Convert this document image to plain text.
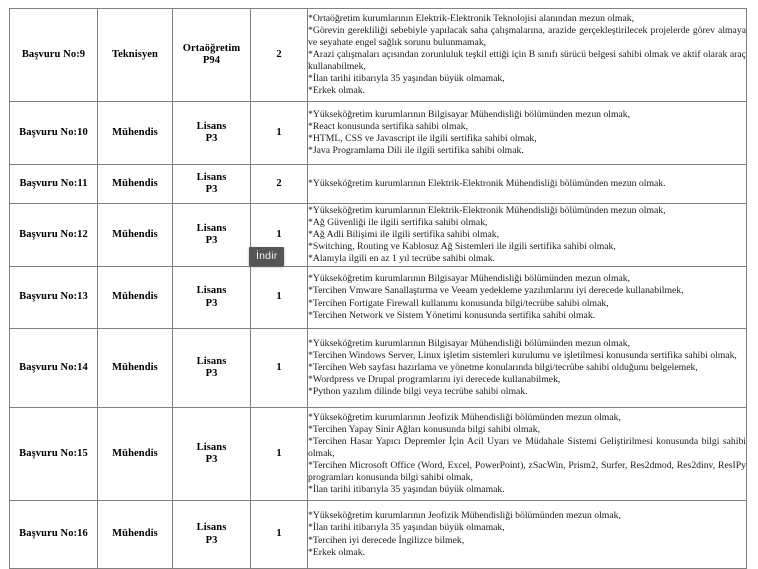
Başvuru No:9	Teknisyen	Ortaöğretim
P94	2	*Ortaöğretim kurumlarının Elektrik-Elektronik Teknolojisi alanından mezun olmak,
*Görevin gerekliliği sebebiyle yapılacak saha çalışmalarına, arazide gerçekleştirilecek projelerde görev almaya ve seyahate engel sağlık sorunu bulunmamak,
*Arazi çalışmaları açısından zorunluluk teşkil ettiği için B sınıfı sürücü belgesi sahibi olmak ve aktif olarak araç kullanabilmek,
*İlan tarihi itibarıyla 35 yaşından büyük olmamak,
*Erkek olmak.

Başvuru No:10	Mühendis	Lisans
P3	1	*Yükseköğretim kurumlarının Bilgisayar Mühendisliği bölümünden mezun olmak,
*React konusunda sertifika sahibi olmak,
*HTML, CSS ve Javascript ile ilgili sertifika sahibi olmak,
*Java Programlama Dili ile ilgili sertifika sahibi olmak.

Başvuru No:11	Mühendis	Lisans
P3	2	*Yükseköğretim kurumlarının Elektrik-Elektronik Mühendisliği bölümünden mezun olmak.

Başvuru No:12	Mühendis	Lisans
P3	1	*Yükseköğretim kurumlarının Elektrik-Elektronik Mühendisliği bölümünden mezun olmak,
*Ağ Güvenliği ile ilgili sertifika sahibi olmak,
*Ağ Adli Bilişimi ile ilgili sertifika sahibi olmak,
*Switching, Routing ve Kablosuz Ağ Sistemleri ile ilgili sertifika sahibi olmak,
*Alanıyla ilgili en az 1 yıl tecrübe sahibi olmak.

Başvuru No:13	Mühendis	Lisans
P3	1	*Yükseköğretim kurumlarının Bilgisayar Mühendisliği bölümünden mezun olmak,
*Tercihen Vmware Sanallaştırma ve Veeam yedekleme yazılımlarını iyi derecede kullanabilmek,
*Tercihen Fortigate Firewall kullanımı konusunda bilgi/tecrübe sahibi olmak,
*Tercihen Network ve Sistem Yönetimi konusunda sertifika sahibi olmak.

Başvuru No:14	Mühendis	Lisans
P3	1	*Yükseköğretim kurumlarının Bilgisayar Mühendisliği bölümünden mezun olmak,
*Tercihen Windows Server, Linux işletim sistemleri kurulumu ve işletilmesi konusunda sertifika sahibi olmak,
*Tercihen Web sayfası hazırlama ve yönetme konularında bilgi/tecrübe sahibi olduğunu belgelemek,
*Wordpress ve Drupal programlarını iyi derecede kullanabilmek,
*Python yazılım dilinde bilgi veya tecrübe sahibi olmak.

Başvuru No:15	Mühendis	Lisans
P3	1	*Yükseköğretim kurumlarının Jeofizik Mühendisliği bölümünden mezun olmak,
*Tercihen Yapay Sinir Ağları konusunda bilgi sahibi olmak,
*Tercihen Hasar Yapıcı Depremler İçin Acil Uyarı ve Müdahale Sistemi Geliştirilmesi konusunda bilgi sahibi olmak,
*Tercihen Microsoft Office (Word, Excel, PowerPoint), zSacWin, Prism2, Surfer, Res2dmod, Res2dinv, ResIPy programları konusunda bilgi sahibi olmak,
*İlan tarihi itibarıyla 35 yaşından büyük olmamak.

Başvuru No:16	Mühendis	Lisans
P3	1	*Yükseköğretim kurumlarının Jeofizik Mühendisliği bölümünden mezun olmak,
*İlan tarihi itibarıyla 35 yaşından büyük olmamak,
*Tercihen iyi derecede İngilizce bilmek,
*Erkek olmak.
İndir
